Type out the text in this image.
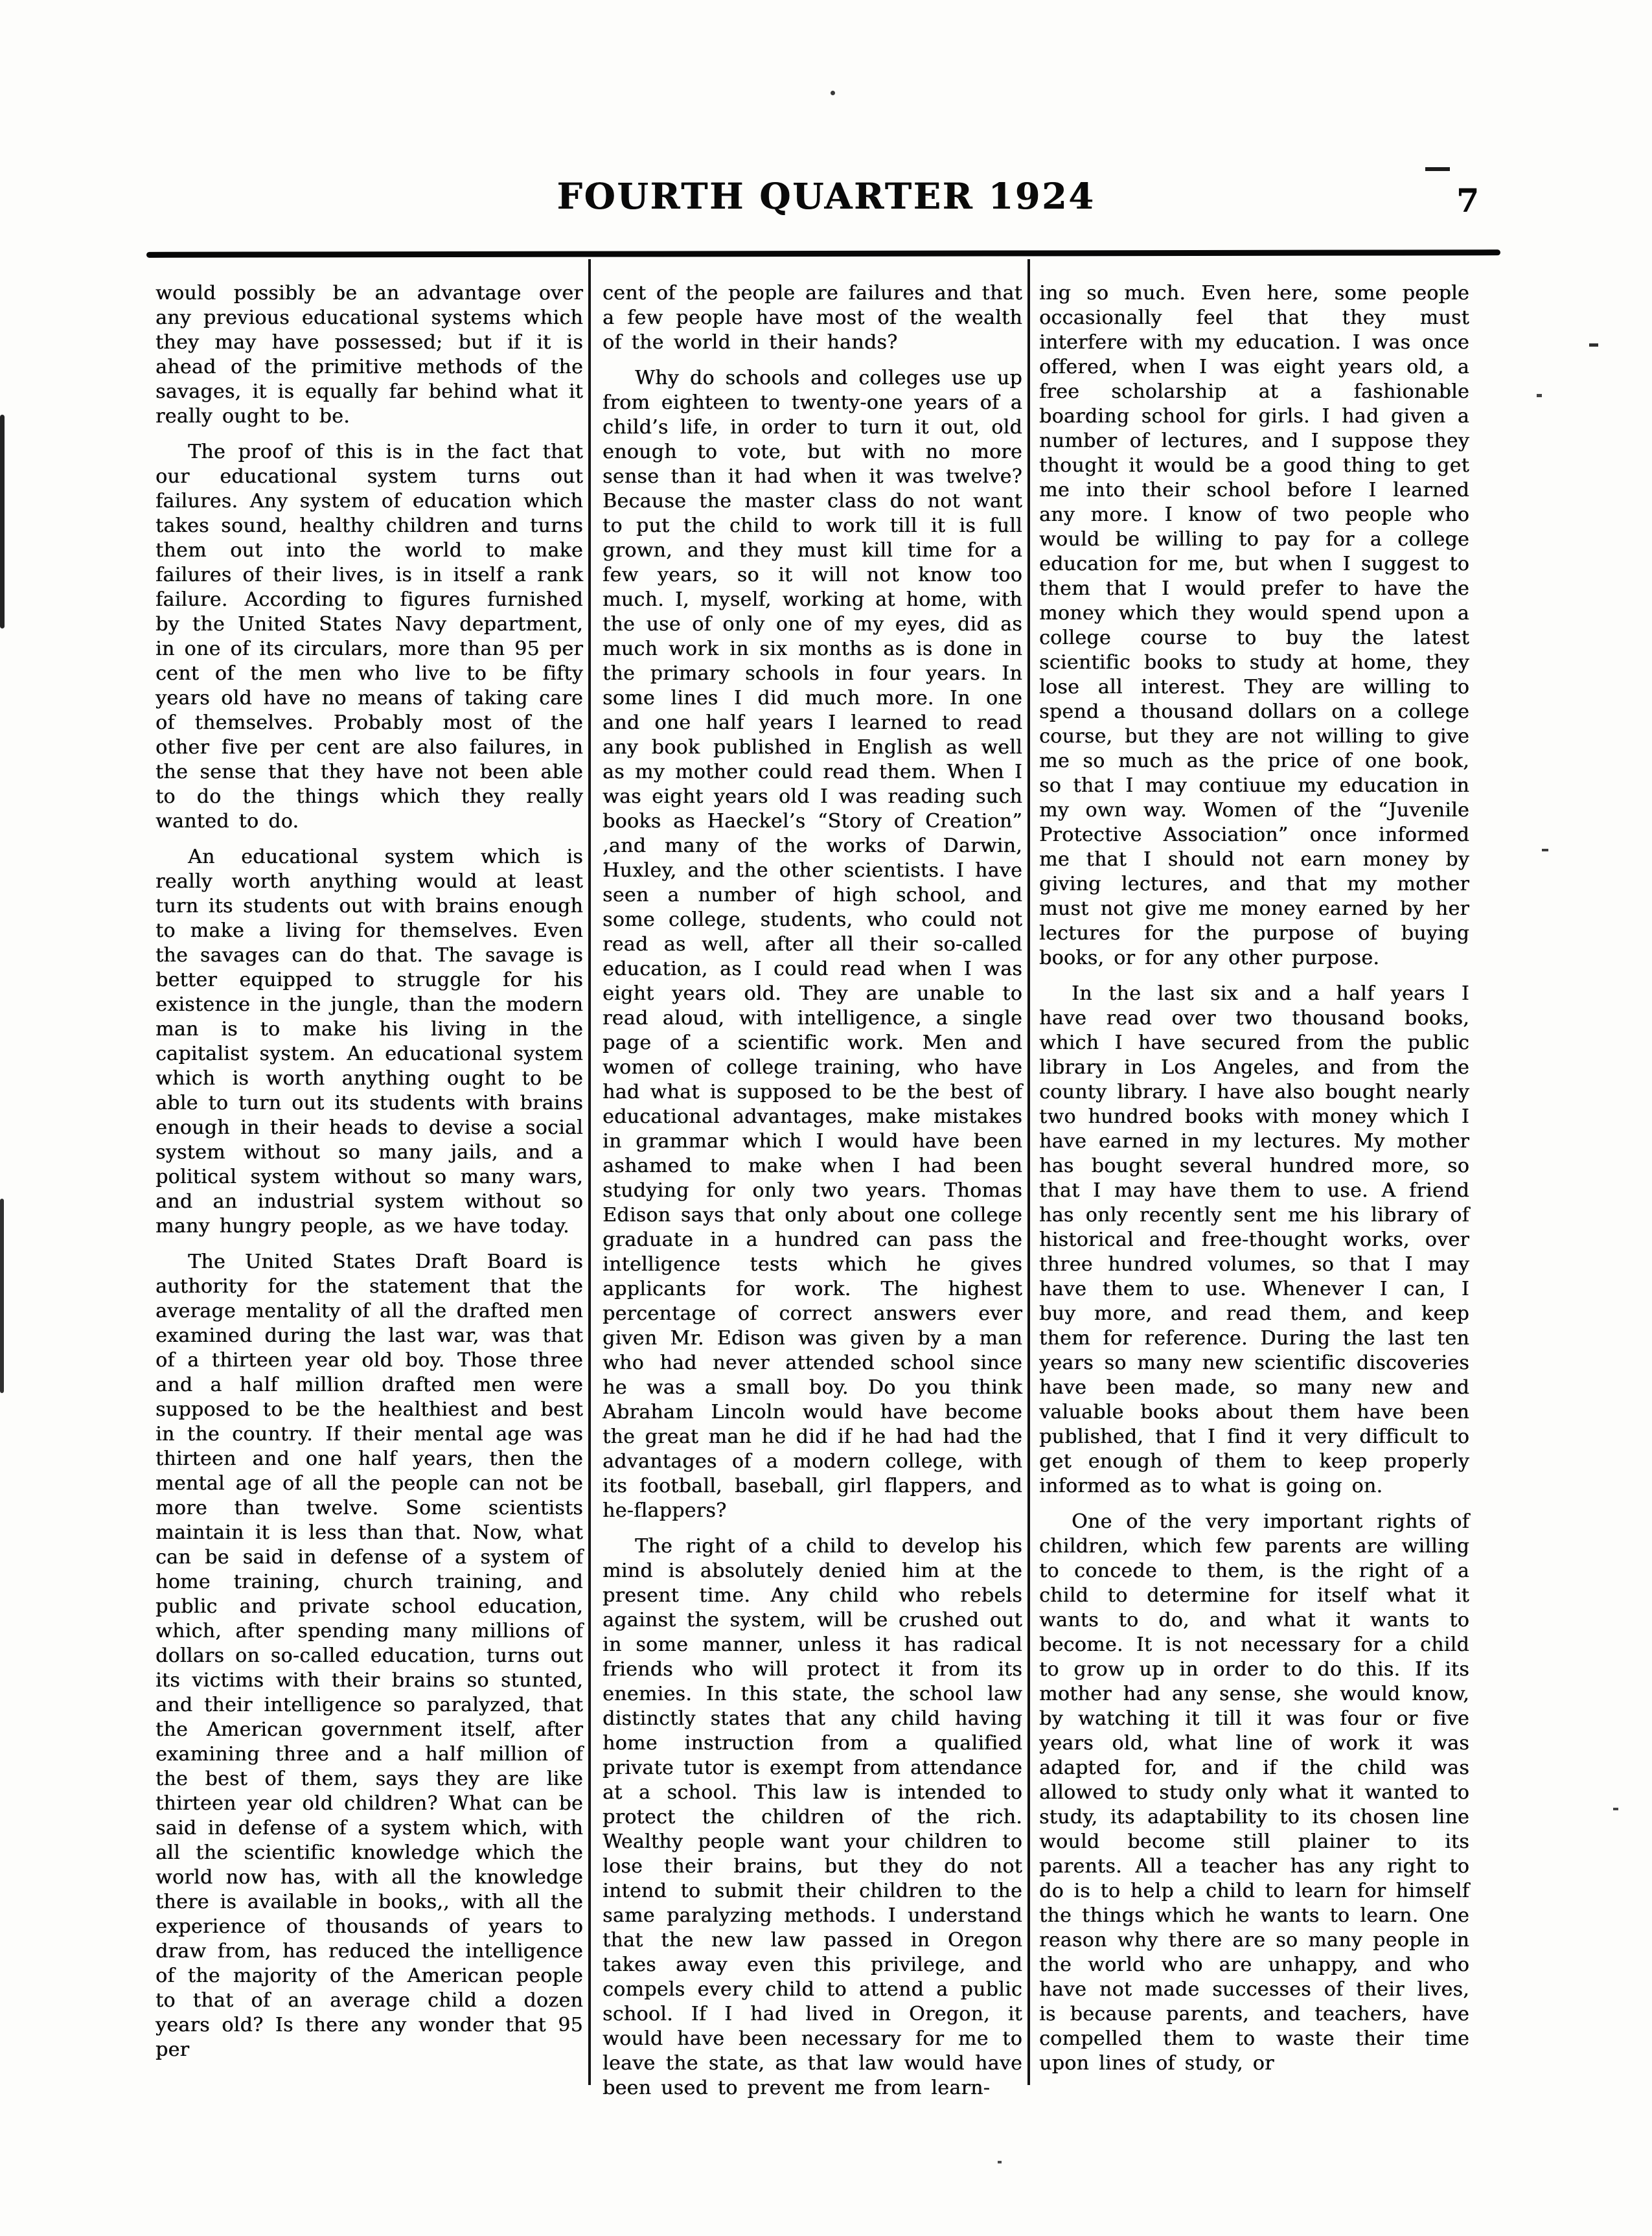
FOURTH QUARTER 1924	7

would possibly be an advantage over any previous educational systems which they may have possessed; but if it is ahead of the primitive methods of the savages, it is equally far behind what it really ought to be.

The proof of this is in the fact that our educational system turns out failures. Any system of education which takes sound, healthy children and turns them out into the world to make failures of their lives, is in itself a rank failure. According to figures furnished by the United States Navy department, in one of its circulars, more than 95 per cent of the men who live to be fifty years old have no means of taking care of themselves. Probably most of the other five per cent are also failures, in the sense that they have not been able to do the things which they really wanted to do.

An educational system which is really worth anything would at least turn its students out with brains enough to make a living for themselves. Even the savages can do that. The savage is better equipped to struggle for his existence in the jungle, than the modern man is to make his living in the capitalist system. An educational system which is worth anything ought to be able to turn out its students with brains enough in their heads to devise a social system without so many jails, and a political system without so many wars, and an industrial system without so many hungry people, as we have today.

The United States Draft Board is authority for the statement that the average mentality of all the drafted men examined during the last war, was that of a thirteen year old boy. Those three and a half million drafted men were supposed to be the healthiest and best in the country. If their mental age was thirteen and one half years, then the mental age of all the people can not be more than twelve. Some scientists maintain it is less than that. Now, what can be said in defense of a system of home training, church training, and public and private school education, which, after spending many millions of dollars on so-called education, turns out its victims with their brains so stunted, and their intelligence so paralyzed, that the American government itself, after examining three and a half million of the best of them, says they are like thirteen year old children? What can be said in defense of a system which, with all the scientific knowledge which the world now has, with all the knowledge there is available in books,, with all the experience of thousands of years to draw from, has reduced the intelligence of the majority of the American people to that of an average child a dozen years old? Is there any wonder that 95 per

cent of the people are failures and that a few people have most of the wealth of the world in their hands?

Why do schools and colleges use up from eighteen to twenty-one years of a child’s life, in order to turn it out, old enough to vote, but with no more sense than it had when it was twelve? Because the master class do not want to put the child to work till it is full grown, and they must kill time for a few years, so it will not know too much. I, myself, working at home, with the use of only one of my eyes, did as much work in six months as is done in the primary schools in four years. In some lines I did much more. In one and one half years I learned to read any book published in English as well as my mother could read them. When I was eight years old I was reading such books as Haeckel’s “Story of Creation” ,and many of the works of Darwin, Huxley, and the other scientists. I have seen a number of high school, and some college, students, who could not read as well, after all their so-called education, as I could read when I was eight years old. They are unable to read aloud, with intelligence, a single page of a scientific work. Men and women of college training, who have had what is supposed to be the best of educational advantages, make mistakes in grammar which I would have been ashamed to make when I had been studying for only two years. Thomas Edison says that only about one college graduate in a hundred can pass the intelligence tests which he gives applicants for work. The highest percentage of correct answers ever given Mr. Edison was given by a man who had never attended school since he was a small boy. Do you think Abraham Lincoln would have become the great man he did if he had had the advantages of a modern college, with its football, baseball, girl flappers, and he-flappers?

The right of a child to develop his mind is absolutely denied him at the present time. Any child who rebels against the system, will be crushed out in some manner, unless it has radical friends who will protect it from its enemies. In this state, the school law distinctly states that any child having home instruction from a qualified private tutor is exempt from attendance at a school. This law is intended to protect the children of the rich. Wealthy people want your children to lose their brains, but they do not intend to submit their children to the same paralyzing methods. I understand that the new law passed in Oregon takes away even this privilege, and compels every child to attend a public school. If I had lived in Oregon, it would have been necessary for me to leave the state, as that law would have been used to prevent me from learn-

ing so much. Even here, some people occasionally feel that they must interfere with my education. I was once offered, when I was eight years old, a free scholarship at a fashionable boarding school for girls. I had given a number of lectures, and I suppose they thought it would be a good thing to get me into their school before I learned any more. I know of two people who would be willing to pay for a college education for me, but when I suggest to them that I would prefer to have the money which they would spend upon a college course to buy the latest scientific books to study at home, they lose all interest. They are willing to spend a thousand dollars on a college course, but they are not willing to give me so much as the price of one book, so that I may contiuue my education in my own way. Women of the “Juvenile Protective Association” once informed me that I should not earn money by giving lectures, and that my mother must not give me money earned by her lectures for the purpose of buying books, or for any other purpose.

In the last six and a half years I have read over two thousand books, which I have secured from the public library in Los Angeles, and from the county library. I have also bought nearly two hundred books with money which I have earned in my lectures. My mother has bought several hundred more, so that I may have them to use. A friend has only recently sent me his library of historical and free-thought works, over three hundred volumes, so that I may have them to use. Whenever I can, I buy more, and read them, and keep them for reference. During the last ten years so many new scientific discoveries have been made, so many new and valuable books about them have been published, that I find it very difficult to get enough of them to keep properly informed as to what is going on.

One of the very important rights of children, which few parents are willing to concede to them, is the right of a child to determine for itself what it wants to do, and what it wants to become. It is not necessary for a child to grow up in order to do this. If its mother had any sense, she would know, by watching it till it was four or five years old, what line of work it was adapted for, and if the child was allowed to study only what it wanted to study, its adaptability to its chosen line would become still plainer to its parents. All a teacher has any right to do is to help a child to learn for himself the things which he wants to learn. One reason why there are so many people in the world who are unhappy, and who have not made successes of their lives, is because parents, and teachers, have compelled them to waste their time upon lines of study, or
